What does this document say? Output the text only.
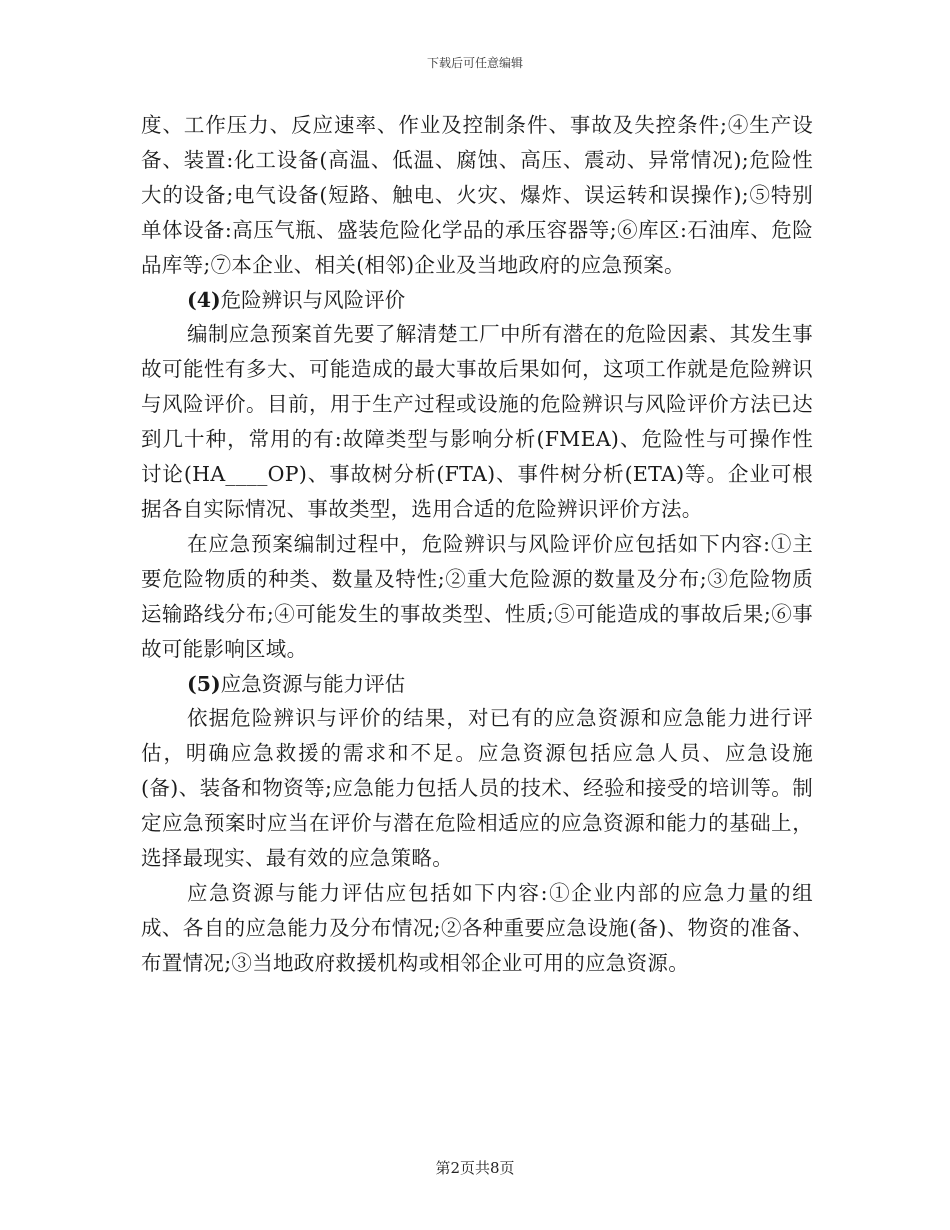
下载后可任意编辑

度、工作压力、反应速率、作业及控制条件、事故及失控条件;④生产设备、装置:化工设备(高温、低温、腐蚀、高压、震动、异常情况);危险性大的设备;电气设备(短路、触电、火灾、爆炸、误运转和误操作);⑤特别单体设备:高压气瓶、盛装危险化学品的承压容器等;⑥库区:石油库、危险品库等;⑦本企业、相关(相邻)企业及当地政府的应急预案。

(4)危险辨识与风险评价

编制应急预案首先要了解清楚工厂中所有潜在的危险因素、其发生事故可能性有多大、可能造成的最大事故后果如何，这项工作就是危险辨识与风险评价。目前，用于生产过程或设施的危险辨识与风险评价方法已达到几十种，常用的有:故障类型与影响分析(FMEA)、危险性与可操作性讨论(HA____OP)、事故树分析(FTA)、事件树分析(ETA)等。企业可根据各自实际情况、事故类型，选用合适的危险辨识评价方法。

在应急预案编制过程中，危险辨识与风险评价应包括如下内容:①主要危险物质的种类、数量及特性;②重大危险源的数量及分布;③危险物质运输路线分布;④可能发生的事故类型、性质;⑤可能造成的事故后果;⑥事故可能影响区域。

(5)应急资源与能力评估

依据危险辨识与评价的结果，对已有的应急资源和应急能力进行评估，明确应急救援的需求和不足。应急资源包括应急人员、应急设施(备)、装备和物资等;应急能力包括人员的技术、经验和接受的培训等。制定应急预案时应当在评价与潜在危险相适应的应急资源和能力的基础上，选择最现实、最有效的应急策略。

应急资源与能力评估应包括如下内容:①企业内部的应急力量的组成、各自的应急能力及分布情况;②各种重要应急设施(备)、物资的准备、布置情况;③当地政府救援机构或相邻企业可用的应急资源。

第2页共8页
